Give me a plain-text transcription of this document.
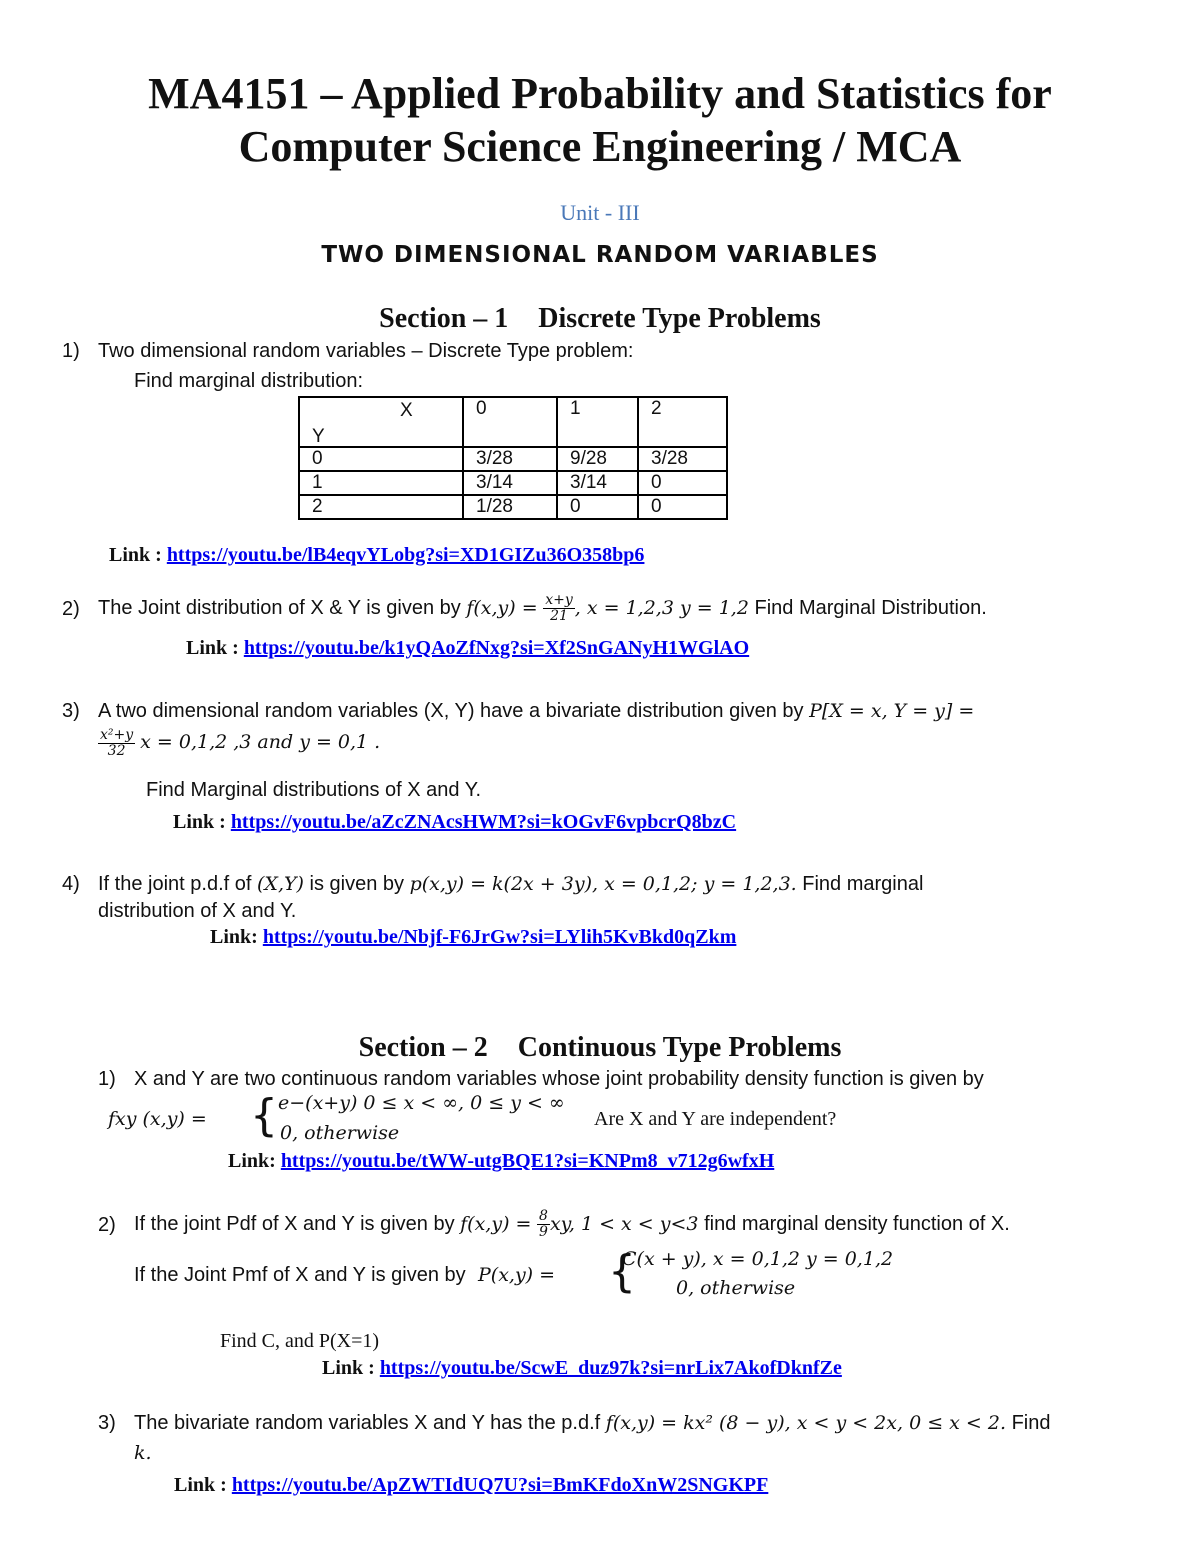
MA4151 – Applied Probability and Statistics for
Computer Science Engineering / MCA
Unit - III
TWO DIMENSIONAL RANDOM VARIABLES
Section – 1 Discrete Type Problems
1) Two dimensional random variables – Discrete Type problem:
Find marginal distribution:
X
Y	0	1	2
0	3/28	9/28	3/28
1	3/14	3/14	0
2	1/28	0	0
Link : https://youtu.be/lB4eqvYLobg?si=XD1GIZu36O358bp6
2) The Joint distribution of X & Y is given by $f(x,y) = \frac{x+y}{21}$ , x = 1,2,3 y = 1,2 Find Marginal Distribution.
Link : https://youtu.be/k1yQAoZfNxg?si=Xf2SnGANyH1WGlAO
3) A two dimensional random variables (X, Y) have a bivariate distribution given by P[X = x, Y = y] =
$\frac{\text{x²+y}}{32}$ x = 0,1,2 ,3 and y = 0,1 .
Find Marginal distributions of X and Y.
Link : https://youtu.be/aZcZNAcsHWM?si=kOGvF6vpbcrQ8bzC
4) If the joint p.d.f of (X,Y) is given by p(x,y) = k(2x + 3y), x = 0,1,2; y = 1,2,3. Find marginal
distribution of X and Y.
Link: https://youtu.be/Nbjf-F6JrGw?si=LYlih5KvBkd0qZkm
Section – 2 Continuous Type Problems
1) X and Y are two continuous random variables whose joint probability density function is given by
fxy (x,y) = { e−(x+y) 0 ≤ x < ∞, 0 ≤ y < ∞
0, otherwise
Are X and Y are independent?
Link: https://youtu.be/tWW-utgBQE1?si=KNPm8_v712g6wfxH
2) If the joint Pdf of X and Y is given by $f(x,y) = \frac{8}{9}$ xy, 1 < x < y<3 find marginal density function of X.
If the Joint Pmf of X and Y is given by P(x,y) = {
C(x + y), x = 0,1,2 y = 0,1,2
0, otherwise
Find C, and P(X=1)
Link : https://youtu.be/ScwE_duz97k?si=nrLix7AkofDknfZe
3) The bivariate random variables X and Y has the p.d.f f(x,y) = kx² (8 − y), x < y < 2x, 0 ≤ x < 2. Find
k.
Link : https://youtu.be/ApZWTIdUQ7U?si=BmKFdoXnW2SNGKPF
